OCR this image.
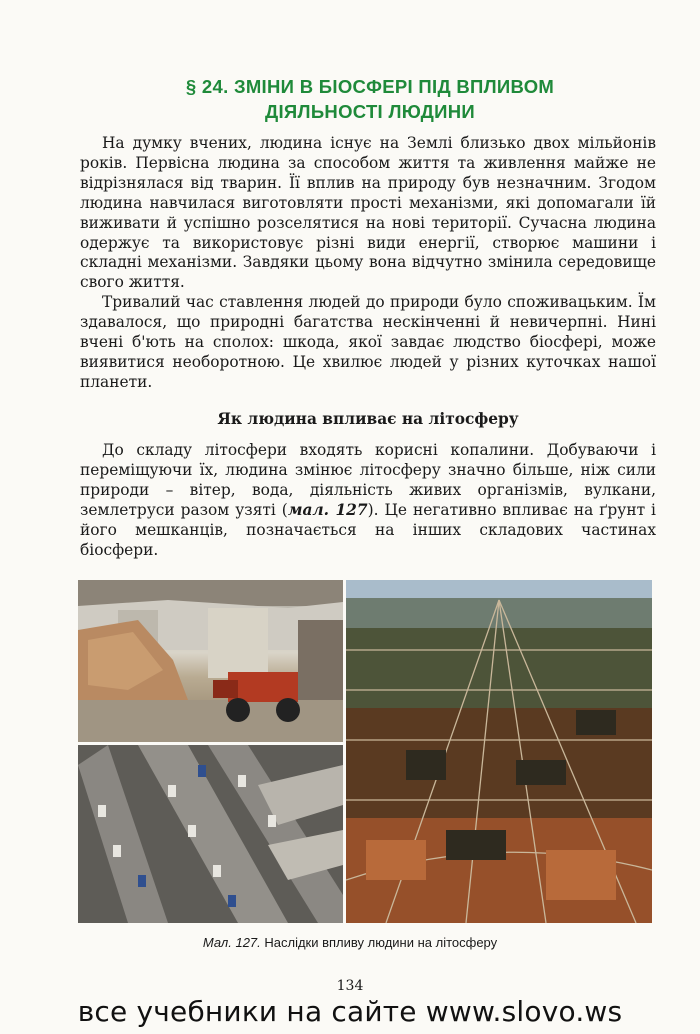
§ 24. ЗМІНИ В БІОСФЕРІ ПІД ВПЛИВОМ
ДІЯЛЬНОСТІ ЛЮДИНИ

На думку вчених, людина існує на Землі близько двох мільйонів років. Первісна людина за способом життя та живлення майже не відрізнялася від тварин. Її вплив на природу був незначним. Згодом людина навчилася виготовляти прості механізми, які допомагали їй виживати й успішно розселятися на нові території. Сучасна людина одержує та використовує різні види енергії, створює машини і складні механізми. Завдяки цьому вона відчутно змінила середовище свого життя.

Тривалий час ставлення людей до природи було споживацьким. Їм здавалося, що природні багатства нескінченні й невичерпні. Нині вчені б'ють на сполох: шкода, якої завдає людство біосфері, може виявитися необоротною. Це хвилює людей у різних куточках нашої планети.

Як людина впливає на літосферу

До складу літосфери входять корисні копалини. Добуваючи і переміщуючи їх, людина змінює літосферу значно більше, ніж сили природи – вітер, вода, діяльність живих організмів, вулкани, землетруси разом узяті (мал. 127). Це негативно впливає на ґрунт і його мешканців, позначається на інших складових частинах біосфери.

Мал. 127. Наслідки впливу людини на літосферу
134
все учебники на сайте www.slovo.ws
